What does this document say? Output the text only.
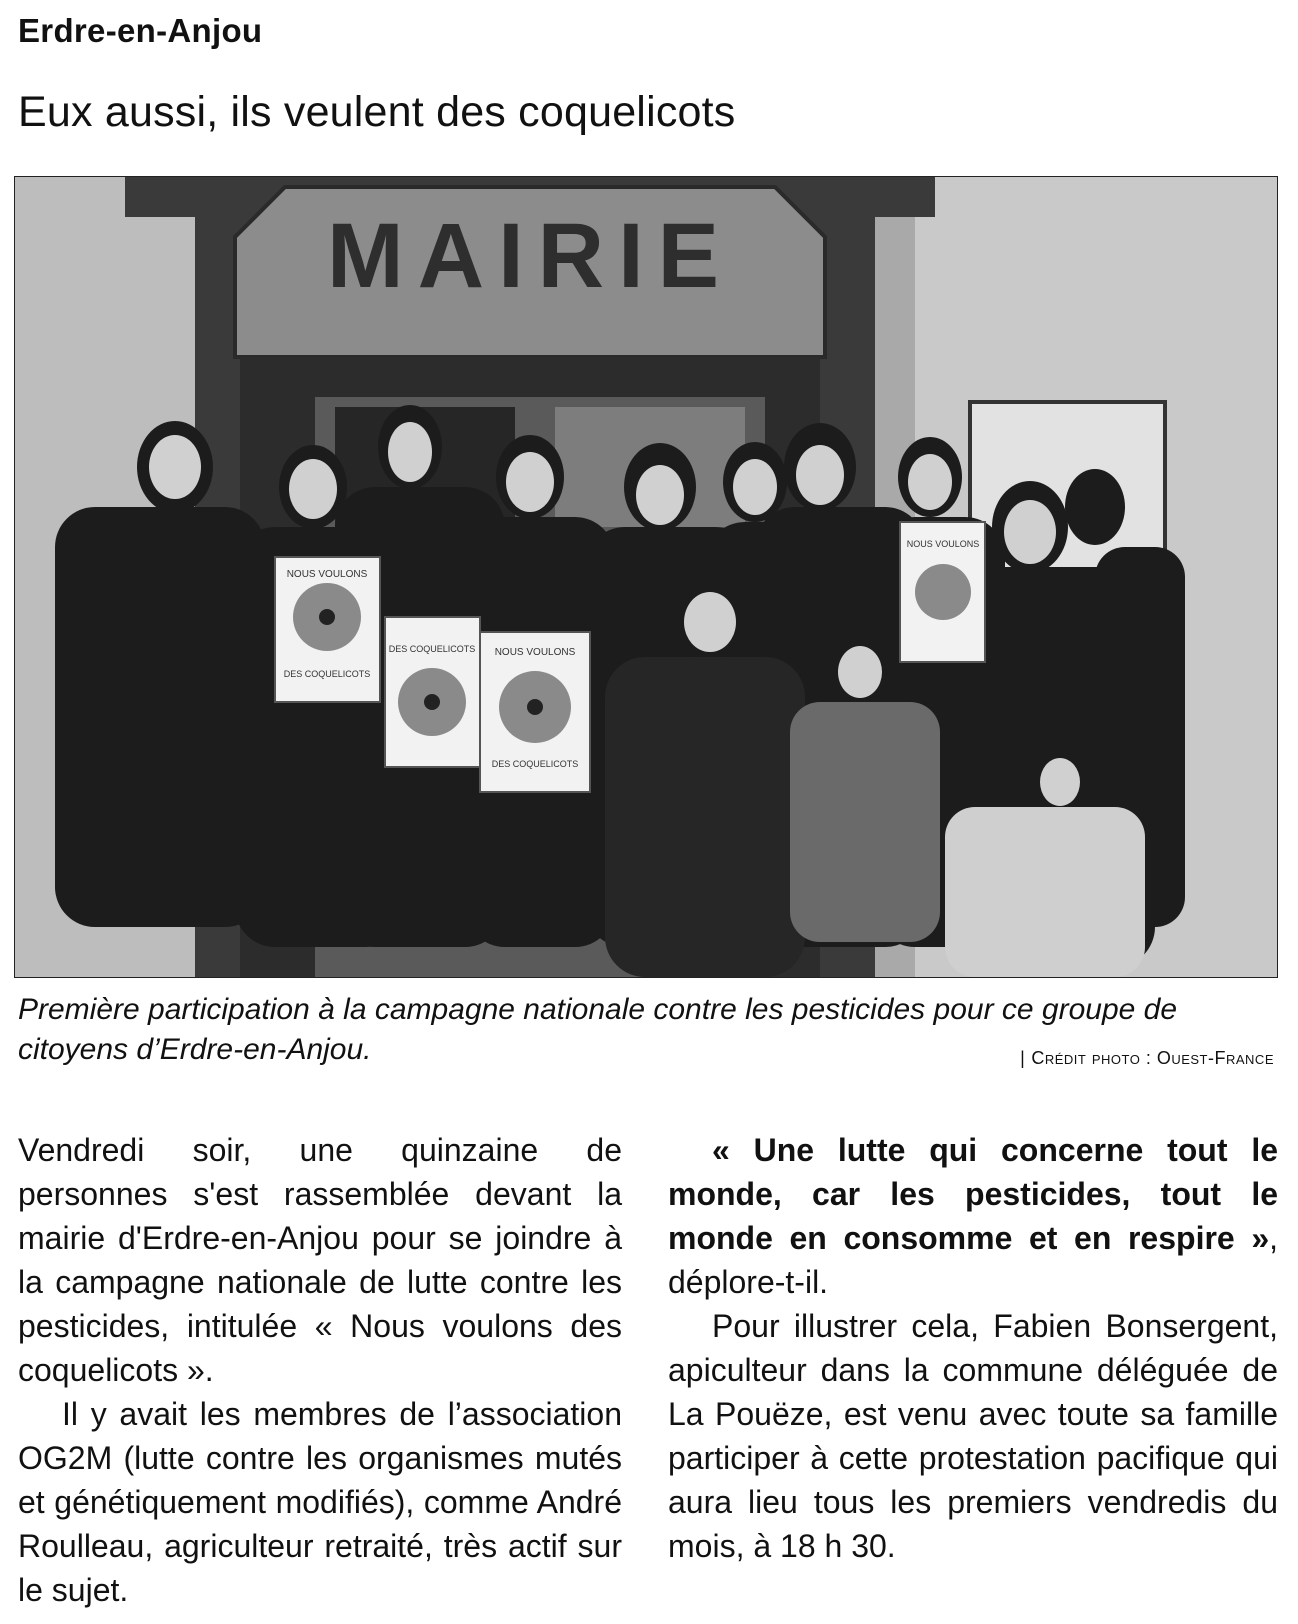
Erdre-en-Anjou
Eux aussi, ils veulent des coquelicots
MAIRIE
NOUS VOULONS
DES COQUELICOTS
DES COQUELICOTS NOUS VOULONS
DES COQUELICOTS
NOUS VOULONS

Première participation à la campagne nationale contre les pesticides pour ce groupe de citoyens d’Erdre-en-Anjou.	| Crédit photo : Ouest-France

Vendredi soir, une quinzaine de personnes s'est rassemblée devant la mairie d'Erdre-en-Anjou pour se joindre à la campagne nationale de lutte contre les pesticides, intitulée « Nous voulons des coquelicots ».

Il y avait les membres de l’association OG2M (lutte contre les organismes mutés et génétiquement modifiés), comme André Roulleau, agriculteur retraité, très actif sur le sujet.

« Une lutte qui concerne tout le monde, car les pesticides, tout le monde en consomme et en respire », déplore-t-il.

Pour illustrer cela, Fabien Bonsergent, apiculteur dans la commune déléguée de La Pouëze, est venu avec toute sa famille participer à cette protestation pacifique qui aura lieu tous les premiers vendredis du mois, à 18 h 30.
